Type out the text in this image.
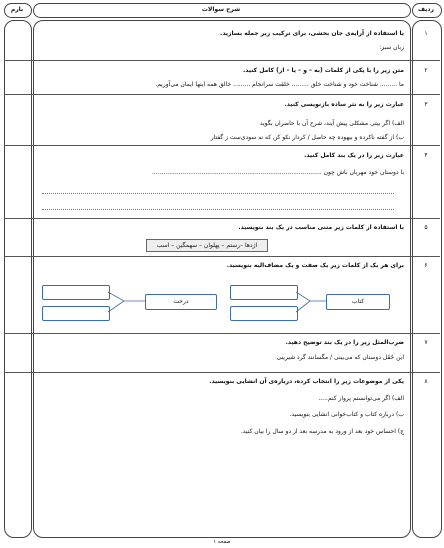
ردیف
شرح سوالات
بارم
۱
۲
۳
۴
۵
۶
۷
۸
با استفاده از آرایه‌ی جان بخشی، برای ترکیب زیر جمله بسازید.
زبان سبز:
متن زیر را با یکی از کلمات (به – و – یا – از) کامل کنید.
ما ......... شناخت خود و شناخت خلق ......... خلقت سرانجام ......... خالق همه اینها ایمان می‌آوریم.
عبارت زیر را به نثر ساده بازنویسی کنید.
الف) اگر بیتی مشکلی پیش آیند، شرح آن با حاضران بگوید
ب) از گفته ناکرده و بیهوده چه حاصل / کردار نکو کن که نه سودی‌ست ز گفتار
عبارت زیر را در یک بند کامل کنید.
با دوستان خود مهربان باش چون .........................................................................................
با استفاده از کلمات زیر متنی مناسب در یک بند بنویسید.
اژدها –رستم – پهلوان – سهمگین – اسب
برای هر یک از کلمات زیر یک صفت و یک مضاف‌الیه بنویسید.
کتاب
درخت
ضرب‌المثل زیر را در یک بند توضیح دهید.
این خَفَل دوستان که می‌بینی / مگسانند گرد شیرینی
یکی از موضوعات زیر را انتخاب کرده، درباره‌ی آن انشایی بنویسید.
الف) اگر می‌توانستم پرواز کنم.....
ب) درباره کتاب و کتاب‌خوانی انشایی بنویسید.
ج) احساس خود بعد از ورود به مدرسه بعد از دو سال را بیان کنید.
صفحه ۱
